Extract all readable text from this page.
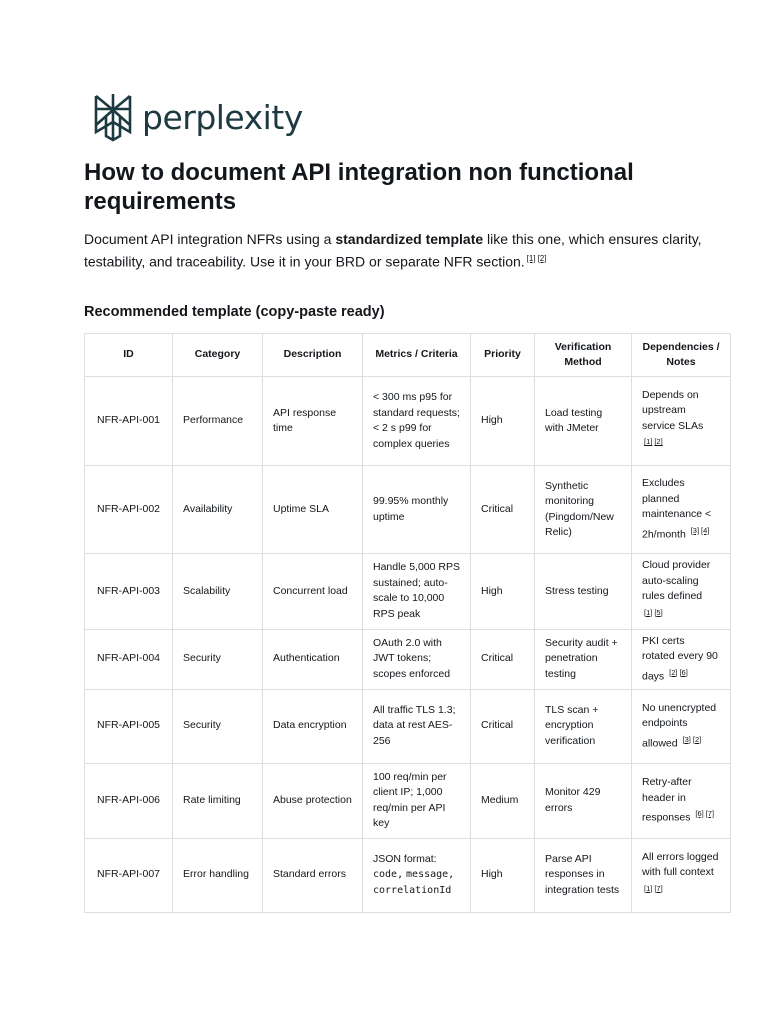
perplexity
How to document API integration non functional requirements

Document API integration NFRs using a standardized template like this one, which ensures clarity, testability, and traceability. Use it in your BRD or separate NFR section. [1] [2]

Recommended template (copy-paste ready)
ID	Category	Description	Metrics / Criteria	Priority	Verification Method	Dependencies / Notes
NFR-API-001	Performance	API response time	< 300 ms p95 for standard requests; < 2 s p99 for complex queries	High	Load testing with JMeter	Depends on upstream service SLAs [1] [2]
NFR-API-002	Availability	Uptime SLA	99.95% monthly uptime	Critical	Synthetic monitoring (Pingdom/New Relic)	Excludes planned maintenance < 2h/month [3] [4]
NFR-API-003	Scalability	Concurrent load	Handle 5,000 RPS sustained; auto-scale to 10,000 RPS peak	High	Stress testing	Cloud provider auto-scaling rules defined [1] [5]
NFR-API-004	Security	Authentication	OAuth 2.0 with JWT tokens; scopes enforced	Critical	Security audit + penetration testing	PKI certs rotated every 90 days [2] [6]
NFR-API-005	Security	Data encryption	All traffic TLS 1.3; data at rest AES-256	Critical	TLS scan + encryption verification	No unencrypted endpoints allowed [3] [2]
NFR-API-006	Rate limiting	Abuse protection	100 req/min per client IP; 1,000 req/min per API key	Medium	Monitor 429 errors	Retry-after header in responses [6] [7]
NFR-API-007	Error handling	Standard errors	JSON format: code, message, correlationId	High	Parse API responses in integration tests	All errors logged with full context [1] [7]
